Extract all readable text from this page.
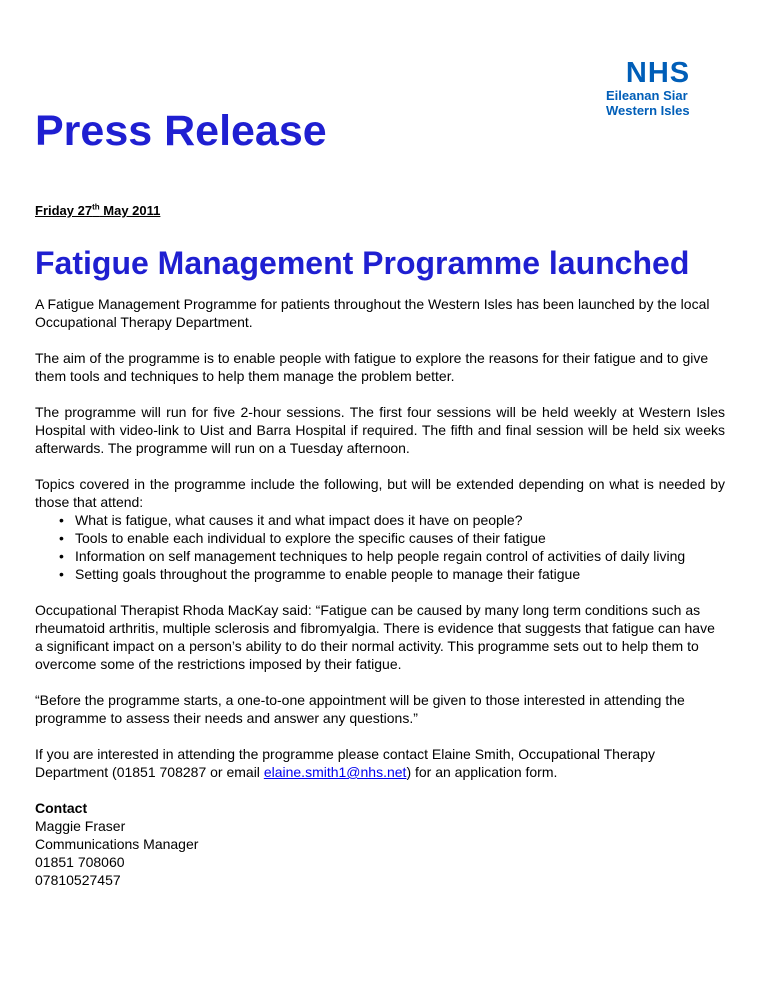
NHS
Eileanan Siar
Western Isles
Press Release
Friday 27th May 2011
Fatigue Management Programme launched

A Fatigue Management Programme for patients throughout the Western Isles has been launched by the local Occupational Therapy Department.

The aim of the programme is to enable people with fatigue to explore the reasons for their fatigue and to give them tools and techniques to help them manage the problem better.

The programme will run for five 2-hour sessions. The first four sessions will be held weekly at Western Isles Hospital with video-link to Uist and Barra Hospital if required. The fifth and final session will be held six weeks afterwards. The programme will run on a Tuesday afternoon.

Topics covered in the programme include the following, but will be extended depending on what is needed by those that attend:

• What is fatigue, what causes it and what impact does it have on people?
• Tools to enable each individual to explore the specific causes of their fatigue
• Information on self management techniques to help people regain control of activities of daily living
• Setting goals throughout the programme to enable people to manage their fatigue

Occupational Therapist Rhoda MacKay said: “Fatigue can be caused by many long term conditions such as rheumatoid arthritis, multiple sclerosis and fibromyalgia. There is evidence that suggests that fatigue can have a significant impact on a person’s ability to do their normal activity. This programme sets out to help them to overcome some of the restrictions imposed by their fatigue.

“Before the programme starts, a one-to-one appointment will be given to those interested in attending the programme to assess their needs and answer any questions.”

If you are interested in attending the programme please contact Elaine Smith, Occupational Therapy Department (01851 708287 or email elaine.smith1@nhs.net) for an application form.

Contact

Maggie Fraser

Communications Manager

01851 708060

07810527457
